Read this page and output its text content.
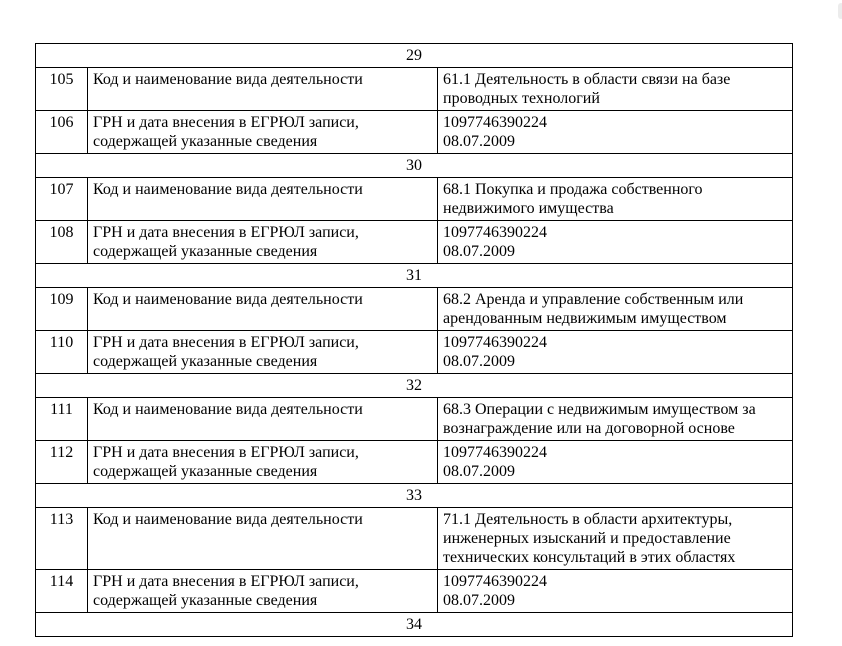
29		
105	Код и наименование вида деятельности	61.1 Деятельность в области связи на базе проводных технологий
106	ГРН и дата внесения в ЕГРЮЛ записи, содержащей указанные сведения	1097746390224
08.07.2009

30		
107	Код и наименование вида деятельности	68.1 Покупка и продажа собственного недвижимого имущества
108	ГРН и дата внесения в ЕГРЮЛ записи, содержащей указанные сведения	1097746390224
08.07.2009

31		
109	Код и наименование вида деятельности	68.2 Аренда и управление собственным или арендованным недвижимым имуществом
110	ГРН и дата внесения в ЕГРЮЛ записи, содержащей указанные сведения	1097746390224
08.07.2009

32		
111	Код и наименование вида деятельности	68.3 Операции с недвижимым имуществом за вознаграждение или на договорной основе
112	ГРН и дата внесения в ЕГРЮЛ записи, содержащей указанные сведения	1097746390224
08.07.2009

33		
113	Код и наименование вида деятельности	71.1 Деятельность в области архитектуры, инженерных изысканий и предоставление технических консультаций в этих областях
114	ГРН и дата внесения в ЕГРЮЛ записи, содержащей указанные сведения	1097746390224
08.07.2009

34		
